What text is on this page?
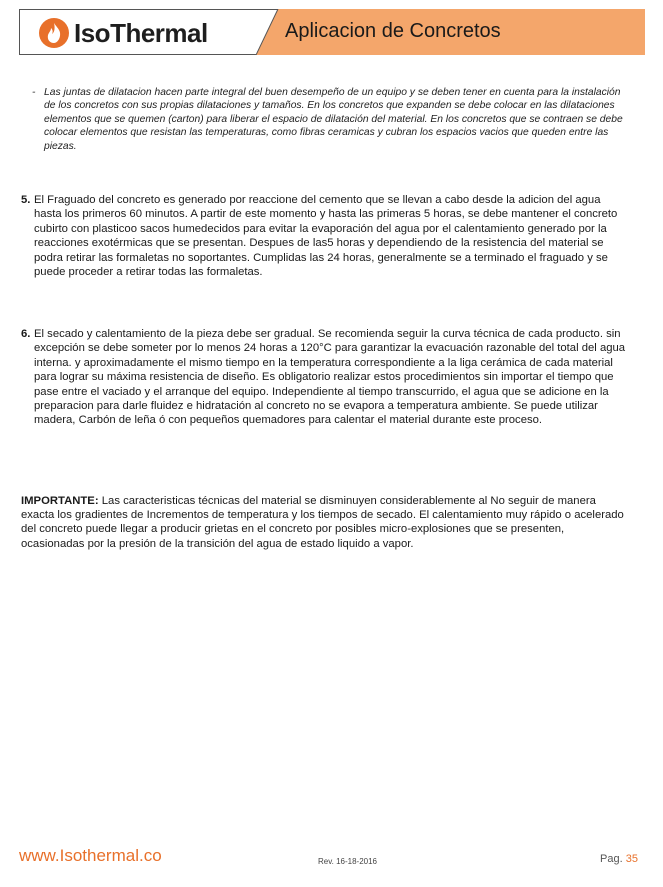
IsoThermal	Aplicacion de Concretos
- Las juntas de dilatacion hacen parte integral del buen desempeño de un equipo y se deben tener en cuenta para la instalación de los concretos con sus propias dilataciones y tamaños. En los concretos que expanden se debe colocar en las dilataciones elementos que se quemen (carton) para liberar el espacio de dilatación del material. En los concretos que se contraen se debe colocar elementos que resistan las temperaturas, como fibras ceramicas y cubran los espacios vacios que queden entre las piezas.

5. El Fraguado del concreto es generado por reaccione del cemento que se llevan a cabo desde la adicion del agua hasta los primeros 60 minutos. A partir de este momento y hasta las primeras 5 horas, se debe mantener el concreto cubirto con plasticoo sacos humedecidos para evitar la evaporación del agua por el calentamiento generado por la reacciones exotérmicas que se presentan. Despues de las5 horas y dependiendo de la resistencia del material se podra retirar las formaletas no soportantes. Cumplidas las 24 horas, generalmente se a terminado el fraguado y se puede proceder a retirar todas las formaletas.

6. El secado y calentamiento de la pieza debe ser gradual. Se recomienda seguir la curva técnica de cada producto. sin excepción se debe someter por lo menos 24 horas a 120°C para garantizar la evacuación razonable del total del agua interna. y aproximadamente el mismo tiempo en la temperatura correspondiente a la liga cerámica de cada material para lograr su máxima resistencia de diseño. Es obligatorio realizar estos procedimientos sin importar el tiempo que pase entre el vaciado y el arranque del equipo. Independiente al tiempo transcurrido, el agua que se adicione en la preparacion para darle fluidez e hidratación al concreto no se evapora a temperatura ambiente. Se puede utilizar madera, Carbón de leña ó con pequeños quemadores para calentar el material durante este proceso.

IMPORTANTE: Las caracteristicas técnicas del material se disminuyen considerablemente al No seguir de manera exacta los gradientes de Incrementos de temperatura y los tiempos de secado. El calentamiento muy rápido o acelerado del concreto puede llegar a producir grietas en el concreto por posibles micro-explosiones que se presenten, ocasionadas por la presión de la transición del agua de estado liquido a vapor.
www.Isothermal.co	Rev. 16-18-2016	Pag. 35
